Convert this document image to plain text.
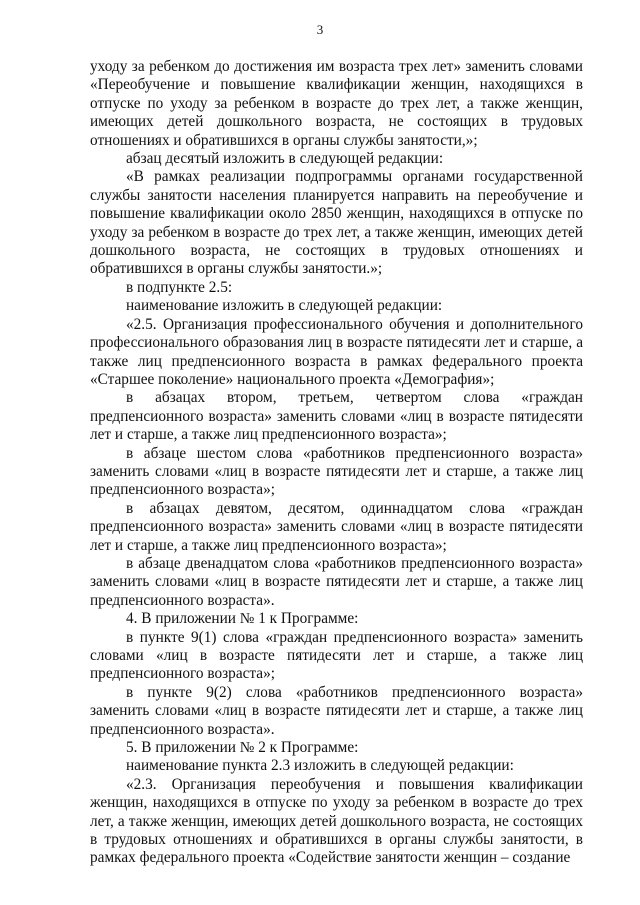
3

уходу за ребенком до достижения им возраста трех лет» заменить словами «Переобучение и повышение квалификации женщин, находящихся в отпуске по уходу за ребенком в возрасте до трех лет, а также женщин, имеющих детей дошкольного возраста, не состоящих в трудовых отношениях и обратившихся в органы службы занятости,»;

абзац десятый изложить в следующей редакции:

«В рамках реализации подпрограммы органами государственной службы занятости населения планируется направить на переобучение и повышение квалификации около 2850 женщин, находящихся в отпуске по уходу за ребенком в возрасте до трех лет, а также женщин, имеющих детей дошкольного возраста, не состоящих в трудовых отношениях и обратившихся в органы службы занятости.»;

в подпункте 2.5:

наименование изложить в следующей редакции:

«2.5. Организация профессионального обучения и дополнительного профессионального образования лиц в возрасте пятидесяти лет и старше, а также лиц предпенсионного возраста в рамках федерального проекта «Старшее поколение» национального проекта «Демография»;

в абзацах втором, третьем, четвертом слова «граждан предпенсионного возраста» заменить словами «лиц в возрасте пятидесяти лет и старше, а также лиц предпенсионного возраста»;

в абзаце шестом слова «работников предпенсионного возраста» заменить словами «лиц в возрасте пятидесяти лет и старше, а также лиц предпенсионного возраста»;

в абзацах девятом, десятом, одиннадцатом слова «граждан предпенсионного возраста» заменить словами «лиц в возрасте пятидесяти лет и старше, а также лиц предпенсионного возраста»;

в абзаце двенадцатом слова «работников предпенсионного возраста» заменить словами «лиц в возрасте пятидесяти лет и старше, а также лиц предпенсионного возраста».

4. В приложении № 1 к Программе:

в пункте 9(1) слова «граждан предпенсионного возраста» заменить словами «лиц в возрасте пятидесяти лет и старше, а также лиц предпенсионного возраста»;

в пункте 9(2) слова «работников предпенсионного возраста» заменить словами «лиц в возрасте пятидесяти лет и старше, а также лиц предпенсионного возраста».

5. В приложении № 2 к Программе:

наименование пункта 2.3 изложить в следующей редакции:

«2.3. Организация переобучения и повышения квалификации женщин, находящихся в отпуске по уходу за ребенком в возрасте до трех лет, а также женщин, имеющих детей дошкольного возраста, не состоящих в трудовых отношениях и обратившихся в органы службы занятости, в рамках федерального проекта «Содействие занятости женщин – создание
